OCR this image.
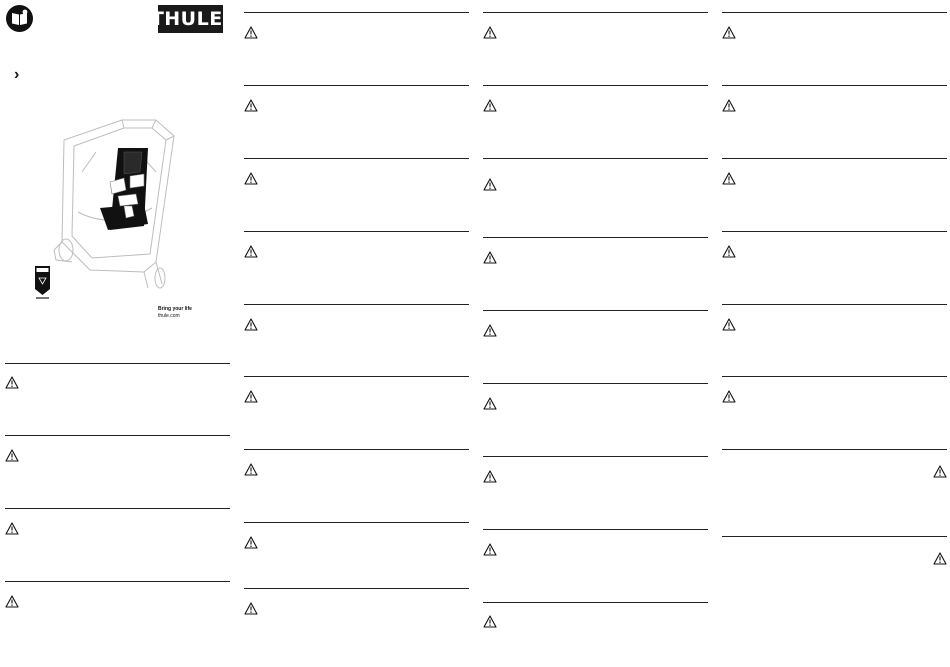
THULE ®
›
Bring your life
thule.com
